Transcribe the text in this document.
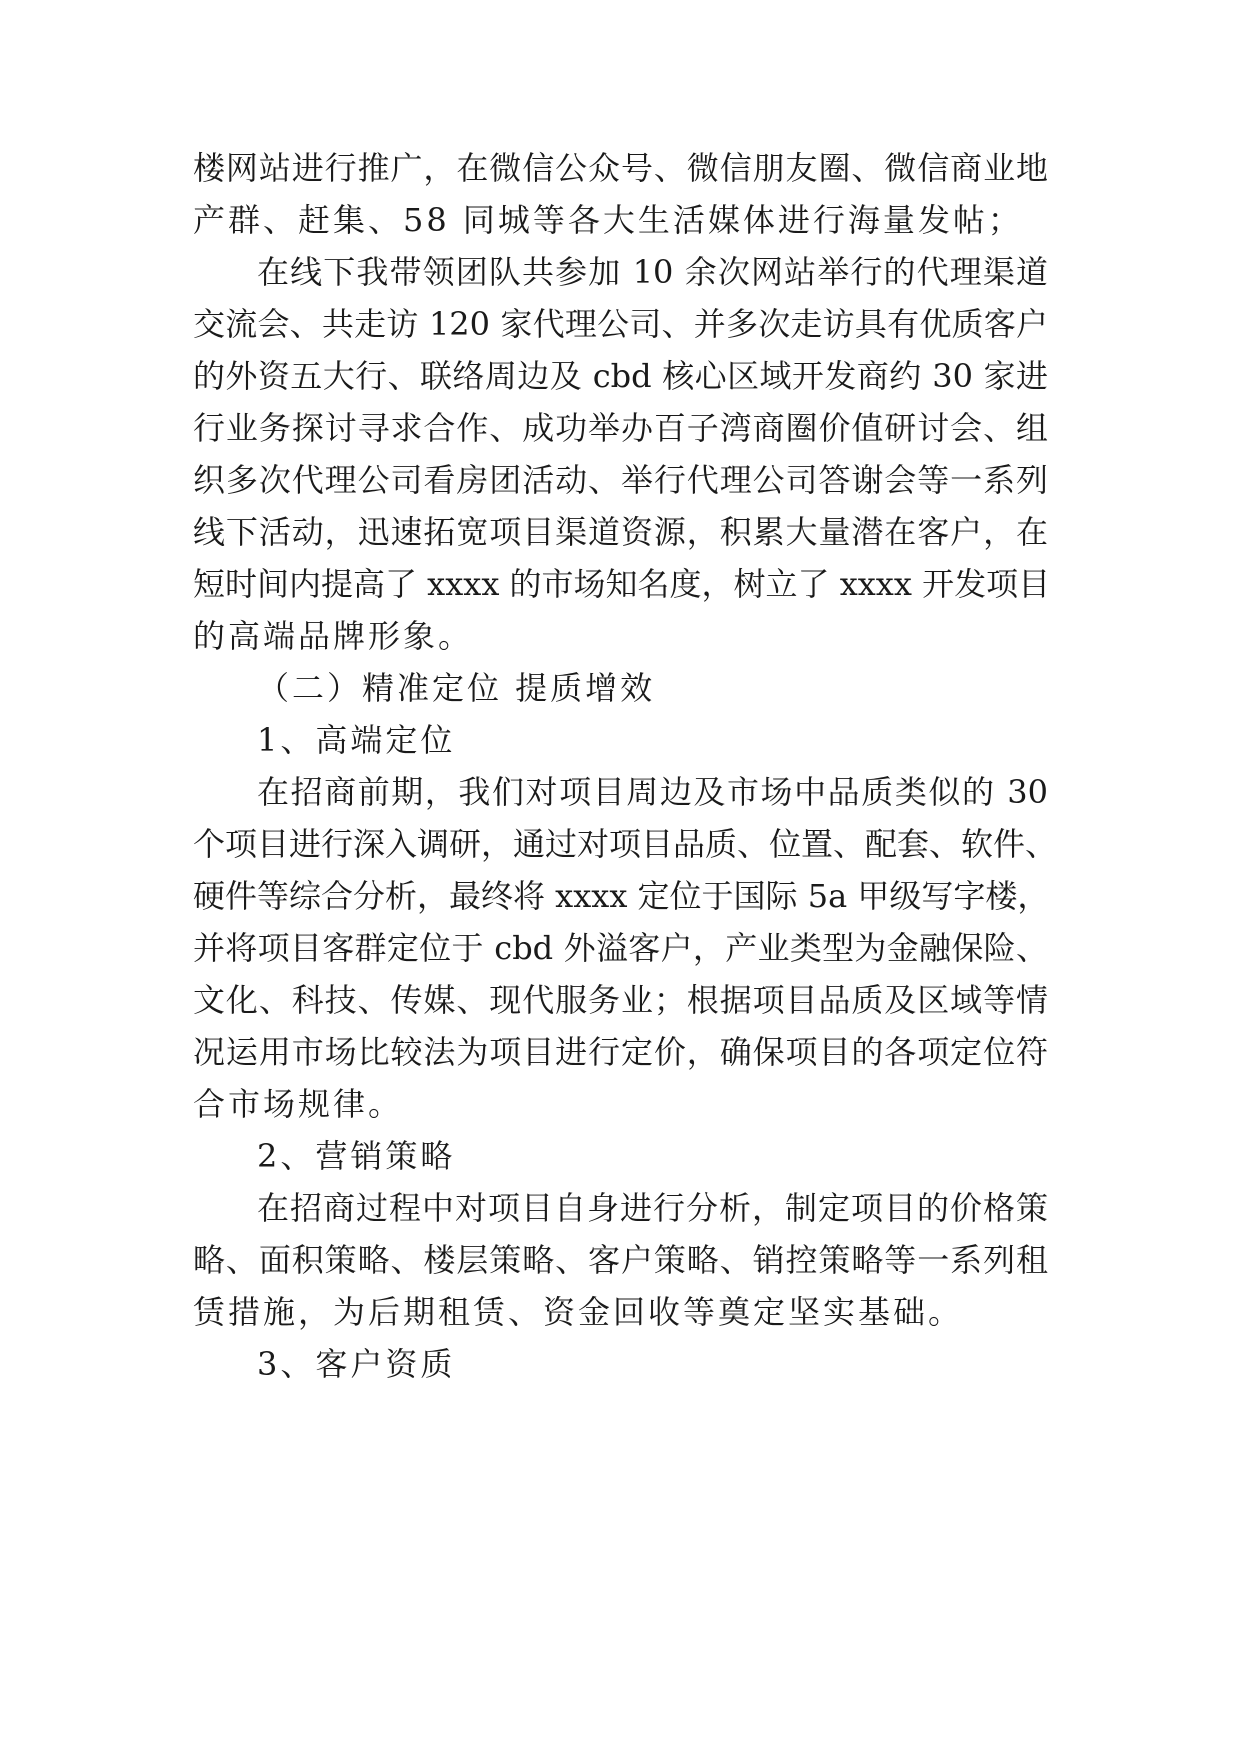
楼网站进行推广，在微信公众号、微信朋友圈、微信商业地

产群、赶集、58 同城等各大生活媒体进行海量发帖；

在线下我带领团队共参加 10 余次网站举行的代理渠道

交流会、共走访 120 家代理公司、并多次走访具有优质客户

的外资五大行、联络周边及 cbd 核心区域开发商约 30 家进

行业务探讨寻求合作、成功举办百子湾商圈价值研讨会、组

织多次代理公司看房团活动、举行代理公司答谢会等一系列

线下活动，迅速拓宽项目渠道资源，积累大量潜在客户，在

短时间内提高了 xxxx 的市场知名度，树立了 xxxx 开发项目

的高端品牌形象。

（二）精准定位 提质增效

1、高端定位

在招商前期，我们对项目周边及市场中品质类似的 30

个项目进行深入调研，通过对项目品质、位置、配套、软件、

硬件等综合分析，最终将 xxxx 定位于国际 5a 甲级写字楼，

并将项目客群定位于 cbd 外溢客户，产业类型为金融保险、

文化、科技、传媒、现代服务业；根据项目品质及区域等情

况运用市场比较法为项目进行定价，确保项目的各项定位符

合市场规律。

2、营销策略

在招商过程中对项目自身进行分析，制定项目的价格策

略、面积策略、楼层策略、客户策略、销控策略等一系列租

赁措施，为后期租赁、资金回收等奠定坚实基础。

3、客户资质
